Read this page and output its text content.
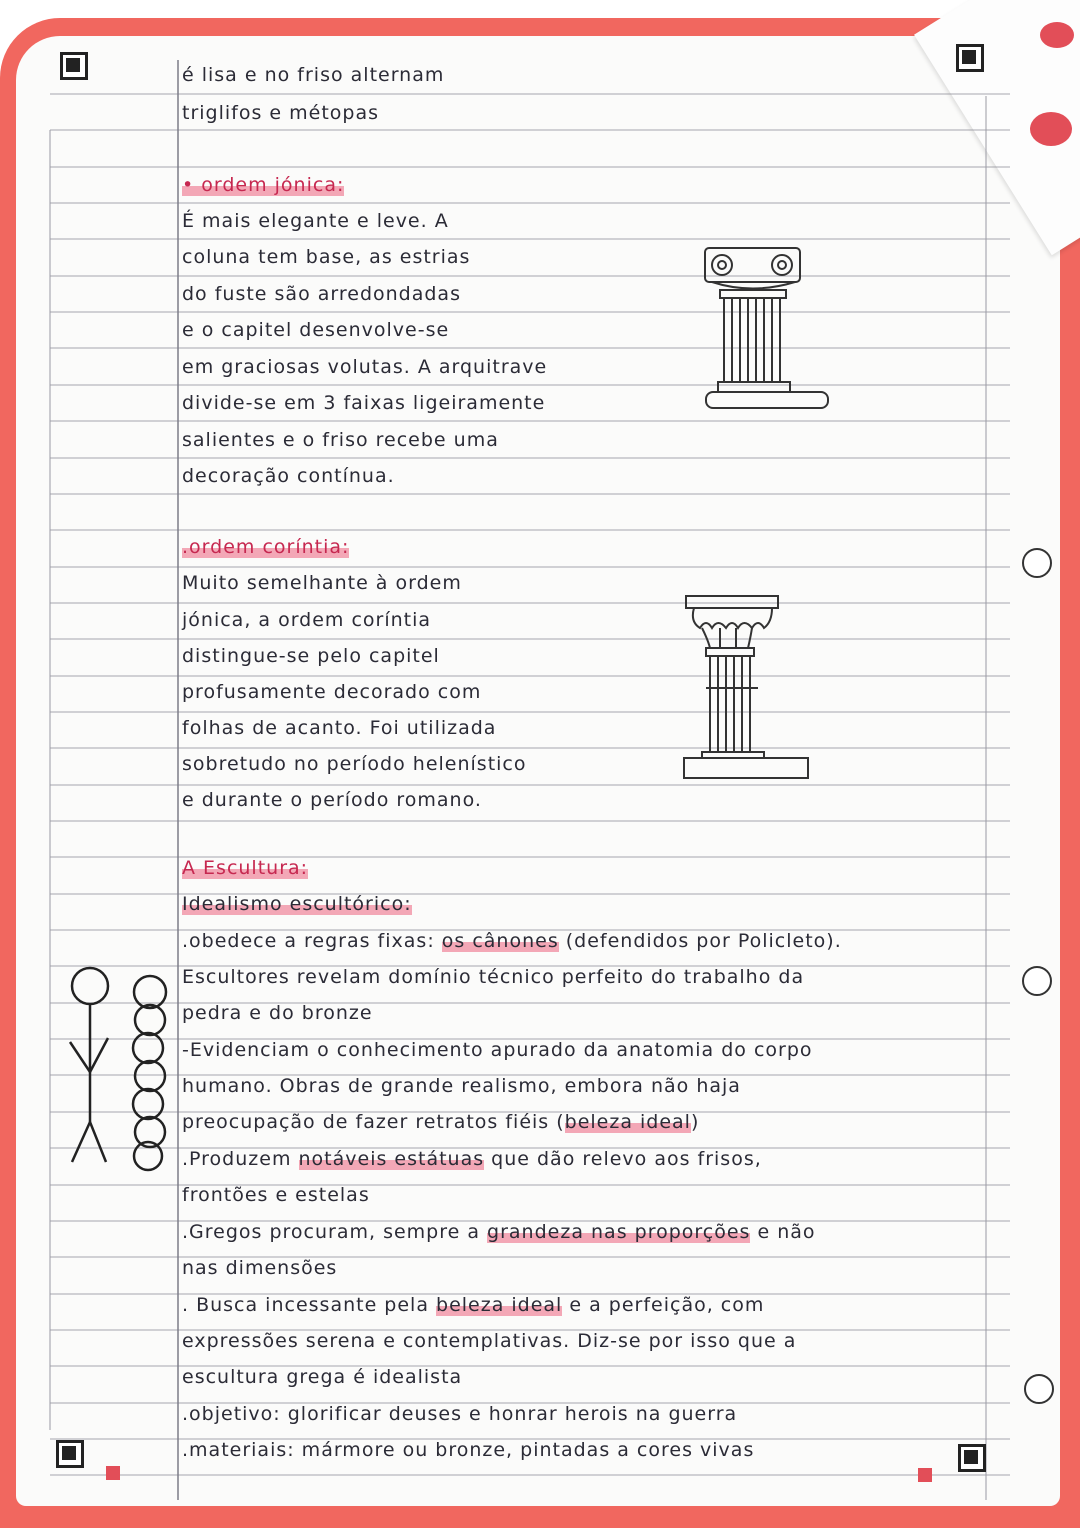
é lisa e no friso alternam
triglifos e métopas
• ordem jónica:
É mais elegante e leve. A
coluna tem base, as estrias
do fuste são arredondadas
e o capitel desenvolve-se
em graciosas volutas. A arquitrave
divide-se em 3 faixas ligeiramente
salientes e o friso recebe uma
decoração contínua.
.ordem coríntia:
Muito semelhante à ordem
jónica, a ordem coríntia
distingue-se pelo capitel
profusamente decorado com
folhas de acanto. Foi utilizada
sobretudo no período helenístico
e durante o período romano.
A Escultura:
Idealismo escultórico:
.obedece a regras fixas: os cânones (defendidos por Policleto).
Escultores revelam domínio técnico perfeito do trabalho da
pedra e do bronze
-Evidenciam o conhecimento apurado da anatomia do corpo
humano. Obras de grande realismo, embora não haja
preocupação de fazer retratos fiéis (beleza ideal)
.Produzem notáveis estátuas que dão relevo aos frisos,
frontões e estelas
.Gregos procuram, sempre a grandeza nas proporções e não
nas dimensões
. Busca incessante pela beleza ideal e a perfeição, com
expressões serena e contemplativas. Diz-se por isso que a
escultura grega é idealista
.objetivo: glorificar deuses e honrar herois na guerra
.materiais: mármore ou bronze, pintadas a cores vivas
